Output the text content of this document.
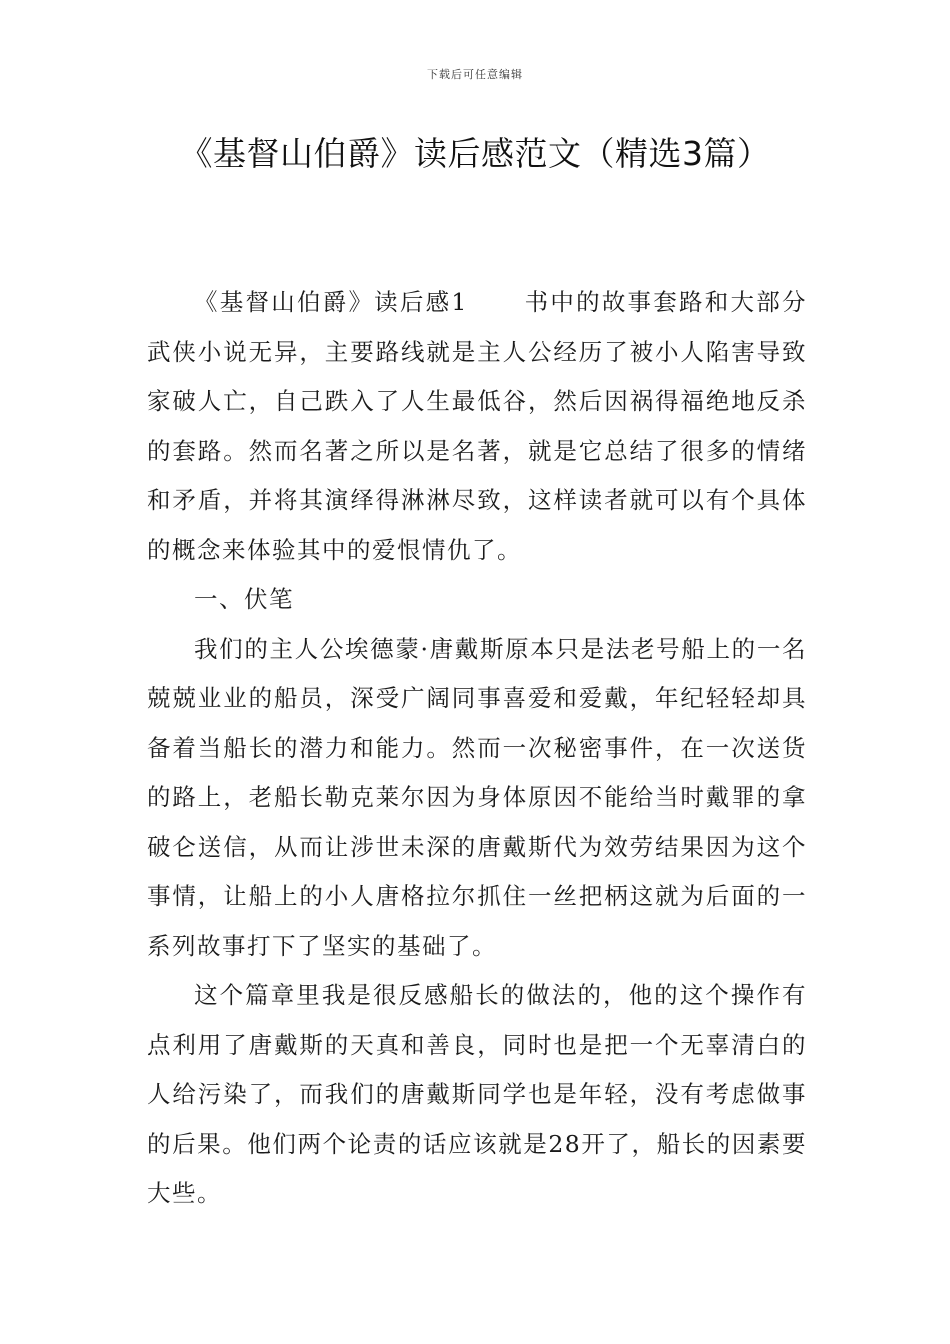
下载后可任意编辑
《基督山伯爵》读后感范文（精选3篇）

《基督山伯爵》读后感1 书中的故事套路和大部分武侠小说无异，主要路线就是主人公经历了被小人陷害导致家破人亡，自己跌入了人生最低谷，然后因祸得福绝地反杀的套路。然而名著之所以是名著，就是它总结了很多的情绪和矛盾，并将其演绎得淋淋尽致，这样读者就可以有个具体的概念来体验其中的爱恨情仇了。

一、伏笔

我们的主人公埃德蒙·唐戴斯原本只是法老号船上的一名兢兢业业的船员，深受广阔同事喜爱和爱戴，年纪轻轻却具备着当船长的潜力和能力。然而一次秘密事件，在一次送货的路上，老船长勒克莱尔因为身体原因不能给当时戴罪的拿破仑送信，从而让涉世未深的唐戴斯代为效劳结果因为这个事情，让船上的小人唐格拉尔抓住一丝把柄这就为后面的一系列故事打下了坚实的基础了。

这个篇章里我是很反感船长的做法的，他的这个操作有点利用了唐戴斯的天真和善良，同时也是把一个无辜清白的人给污染了，而我们的唐戴斯同学也是年轻，没有考虑做事的后果。他们两个论责的话应该就是28开了，船长的因素要大些。
